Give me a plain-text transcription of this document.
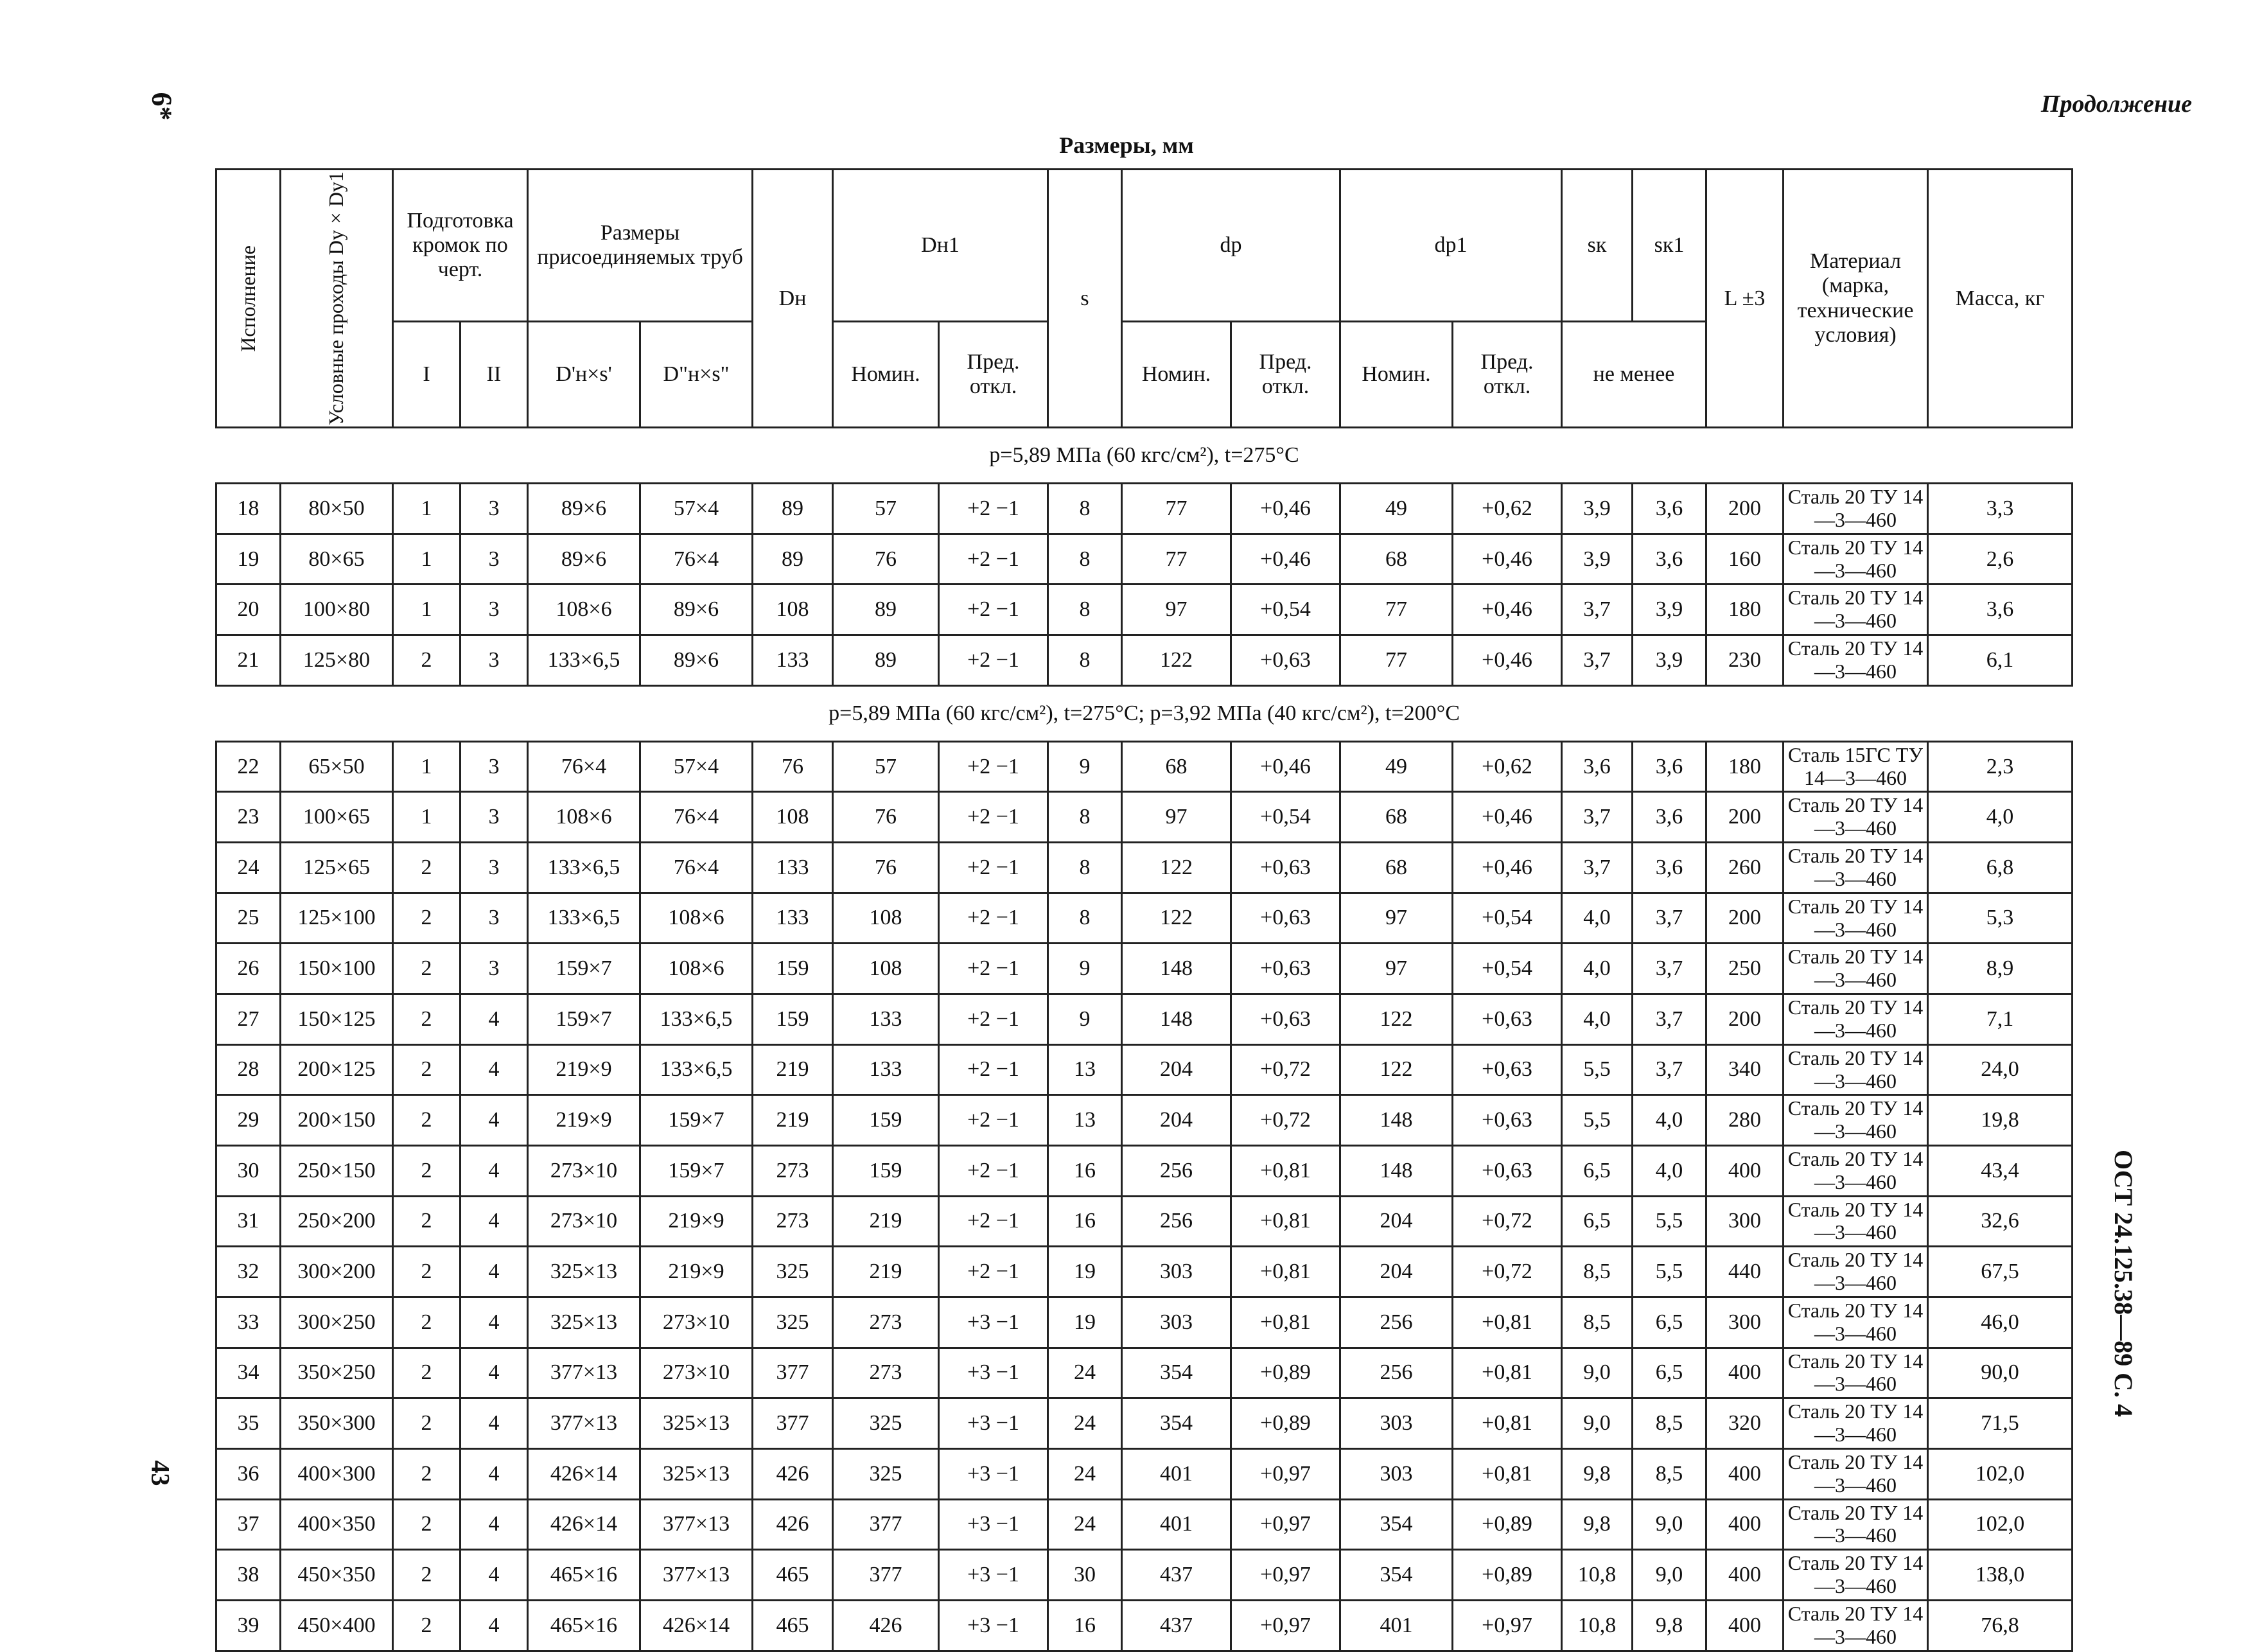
6*	Продолжение
Размеры, мм
ОСТ 24.125.38—89 С. 4
43
Исполнение	Условные проходы Dy×Dy1	Подготовка кромок по черт.		Размеры присоединяемых труб		Dн	Dн1		s	dр		dр1		sк	sк1	L ±3	Материал (марка, технические условия)	Масса, кг
		I	II	D'н×s'	D"н×s"		Номин.	Пред. откл.		Номин.	Пред. откл.	Номин.	Пред. откл.	не менее				
p=5,89 МПа (60 кгс/см²), t=275°C																		
18	80×50	1	3	89×6	57×4	89	57	+2 −1	8	77	+0,46	49	+0,62	3,9	3,6	200	Сталь 20 ТУ 14—3—460	3,3
19	80×65	1	3	89×6	76×4	89	76	+2 −1	8	77	+0,46	68	+0,46	3,9	3,6	160	Сталь 20 ТУ 14—3—460	2,6
20	100×80	1	3	108×6	89×6	108	89	+2 −1	8	97	+0,54	77	+0,46	3,7	3,9	180	Сталь 20 ТУ 14—3—460	3,6
21	125×80	2	3	133×6,5	89×6	133	89	+2 −1	8	122	+0,63	77	+0,46	3,7	3,9	230	Сталь 20 ТУ 14—3—460	6,1
p=5,89 МПа (60 кгс/см²), t=275°C; p=3,92 МПа (40 кгс/см²), t=200°C																		
22	65×50	1	3	76×4	57×4	76	57	+2 −1	9	68	+0,46	49	+0,62	3,6	3,6	180	Сталь 15ГС ТУ 14—3—460	2,3
23	100×65	1	3	108×6	76×4	108	76	+2 −1	8	97	+0,54	68	+0,46	3,7	3,6	200	Сталь 20 ТУ 14—3—460	4,0
24	125×65	2	3	133×6,5	76×4	133	76	+2 −1	8	122	+0,63	68	+0,46	3,7	3,6	260	Сталь 20 ТУ 14—3—460	6,8
25	125×100	2	3	133×6,5	108×6	133	108	+2 −1	8	122	+0,63	97	+0,54	4,0	3,7	200	Сталь 20 ТУ 14—3—460	5,3
26	150×100	2	3	159×7	108×6	159	108	+2 −1	9	148	+0,63	97	+0,54	4,0	3,7	250	Сталь 20 ТУ 14—3—460	8,9
27	150×125	2	4	159×7	133×6,5	159	133	+2 −1	9	148	+0,63	122	+0,63	4,0	3,7	200	Сталь 20 ТУ 14—3—460	7,1
28	200×125	2	4	219×9	133×6,5	219	133	+2 −1	13	204	+0,72	122	+0,63	5,5	3,7	340	Сталь 20 ТУ 14—3—460	24,0
29	200×150	2	4	219×9	159×7	219	159	+2 −1	13	204	+0,72	148	+0,63	5,5	4,0	280	Сталь 20 ТУ 14—3—460	19,8
30	250×150	2	4	273×10	159×7	273	159	+2 −1	16	256	+0,81	148	+0,63	6,5	4,0	400	Сталь 20 ТУ 14—3—460	43,4
31	250×200	2	4	273×10	219×9	273	219	+2 −1	16	256	+0,81	204	+0,72	6,5	5,5	300	Сталь 20 ТУ 14—3—460	32,6
32	300×200	2	4	325×13	219×9	325	219	+2 −1	19	303	+0,81	204	+0,72	8,5	5,5	440	Сталь 20 ТУ 14—3—460	67,5
33	300×250	2	4	325×13	273×10	325	273	+3 −1	19	303	+0,81	256	+0,81	8,5	6,5	300	Сталь 20 ТУ 14—3—460	46,0
34	350×250	2	4	377×13	273×10	377	273	+3 −1	24	354	+0,89	256	+0,81	9,0	6,5	400	Сталь 20 ТУ 14—3—460	90,0
35	350×300	2	4	377×13	325×13	377	325	+3 −1	24	354	+0,89	303	+0,81	9,0	8,5	320	Сталь 20 ТУ 14—3—460	71,5
36	400×300	2	4	426×14	325×13	426	325	+3 −1	24	401	+0,97	303	+0,81	9,8	8,5	400	Сталь 20 ТУ 14—3—460	102,0
37	400×350	2	4	426×14	377×13	426	377	+3 −1	24	401	+0,97	354	+0,89	9,8	9,0	400	Сталь 20 ТУ 14—3—460	102,0
38	450×350	2	4	465×16	377×13	465	377	+3 −1	30	437	+0,97	354	+0,89	10,8	9,0	400	Сталь 20 ТУ 14—3—460	138,0
39	450×400	2	4	465×16	426×14	465	426	+3 −1	16	437	+0,97	401	+0,97	10,8	9,8	400	Сталь 20 ТУ 14—3—460	76,8
